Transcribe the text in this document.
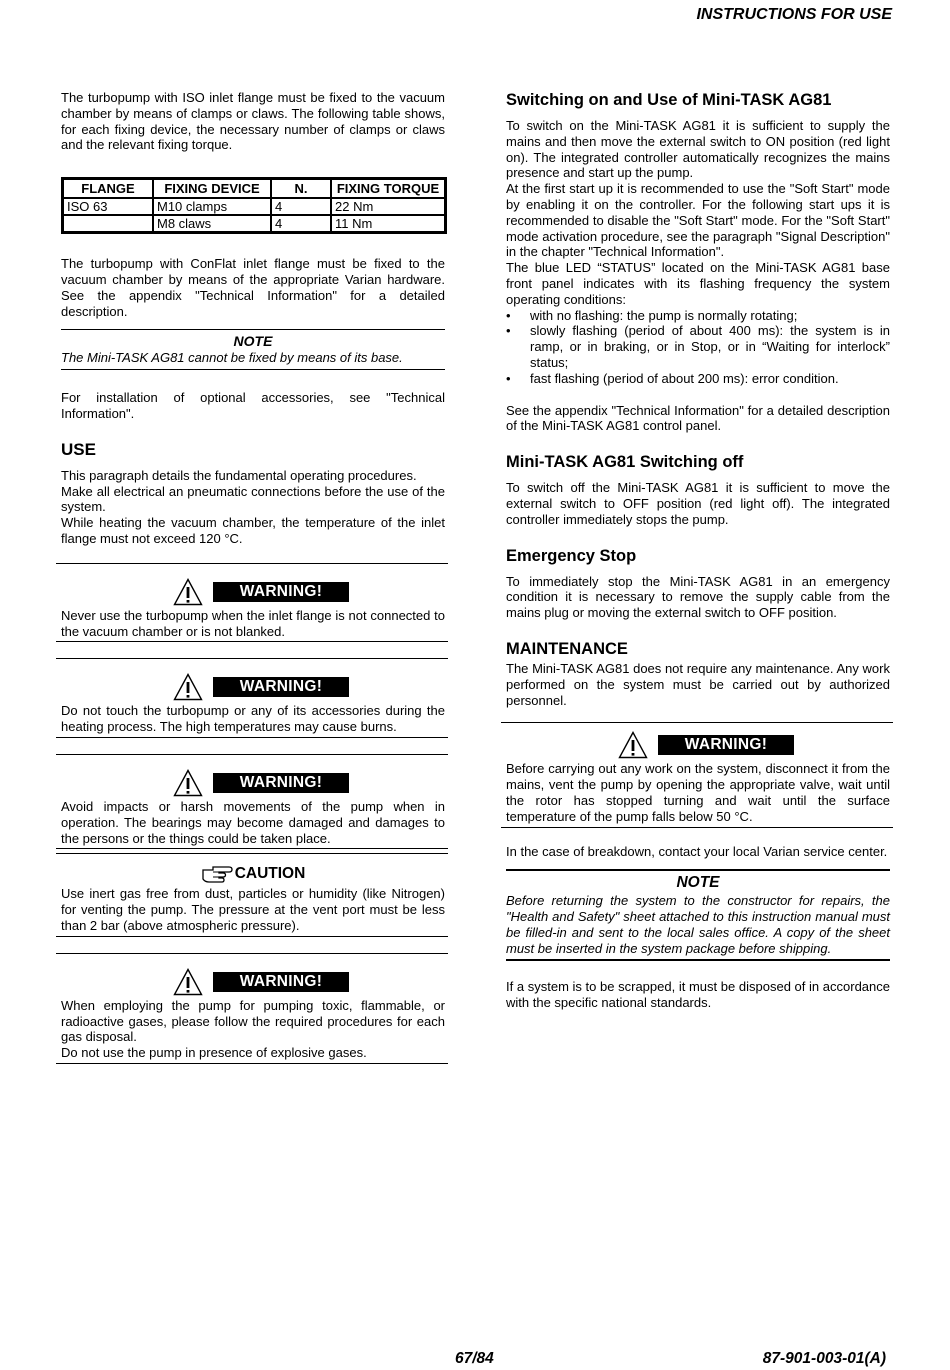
INSTRUCTIONS FOR USE

The turbopump with ISO inlet flange must be fixed to the vacuum chamber by means of clamps or claws. The following table shows, for each fixing device, the necessary number of clamps or claws and the relevant fixing torque.

FLANGE	FIXING DEVICE	N.	FIXING TORQUE
ISO 63	M10 clamps	4	22 Nm
	M8 claws	4	11 Nm

The turbopump with ConFlat inlet flange must be fixed to the vacuum chamber by means of the appropriate Varian hardware. See the appendix "Technical Information" for a detailed description.

NOTE
The Mini-TASK AG81 cannot be fixed by means of its base.

For installation of optional accessories, see "Technical Information".

USE

This paragraph details the fundamental operating procedures.

Make all electrical an pneumatic connections before the use of the system.

While heating the vacuum chamber, the temperature of the inlet flange must not exceed 120 °C.

WARNING!

Never use the turbopump when the inlet flange is not connected to the vacuum chamber or is not blanked.

WARNING!

Do not touch the turbopump or any of its accessories during the heating process. The high temperatures may cause burns.

WARNING!

Avoid impacts or harsh movements of the pump when in operation. The bearings may become damaged and damages to the persons or the things could be taken place.

CAUTION

Use inert gas free from dust, particles or humidity (like Nitrogen) for venting the pump. The pressure at the vent port must be less than 2 bar (above atmospheric pressure).

WARNING!

When employing the pump for pumping toxic, flammable, or radioactive gases, please follow the required procedures for each gas disposal.

Do not use the pump in presence of explosive gases.

Switching on and Use of Mini-TASK AG81

To switch on the Mini-TASK AG81 it is sufficient to supply the mains and then move the external switch to ON position (red light on). The integrated controller automatically recognizes the mains presence and start up the pump.

At the first start up it is recommended to use the "Soft Start" mode by enabling it on the controller. For the following start ups it is recommended to disable the "Soft Start" mode. For the "Soft Start" mode activation procedure, see the paragraph "Signal Description" in the chapter "Technical Information".

The blue LED “STATUS” located on the Mini-TASK AG81 base front panel indicates with its flashing frequency the system operating conditions:

• with no flashing: the pump is normally rotating;
• slowly flashing (period of about 400 ms): the system is in ramp, or in braking, or in Stop, or in “Waiting for interlock” status;
• fast flashing (period of about 200 ms): error condition.

See the appendix "Technical Information" for a detailed description of the Mini-TASK AG81 control panel.

Mini-TASK AG81 Switching off

To switch off the Mini-TASK AG81 it is sufficient to move the external switch to OFF position (red light off). The integrated controller immediately stops the pump.

Emergency Stop

To immediately stop the Mini-TASK AG81 in an emergency condition it is necessary to remove the supply cable from the mains plug or moving the external switch to OFF position.

MAINTENANCE

The Mini-TASK AG81 does not require any maintenance. Any work performed on the system must be carried out by authorized personnel.

WARNING!

Before carrying out any work on the system, disconnect it from the mains, vent the pump by opening the appropriate valve, wait until the rotor has stopped turning and wait until the surface temperature of the pump falls below 50 °C.

In the case of breakdown, contact your local Varian service center.

NOTE
Before returning the system to the constructor for repairs, the "Health and Safety" sheet attached to this instruction manual must be filled-in and sent to the local sales office. A copy of the sheet must be inserted in the system package before shipping.

If a system is to be scrapped, it must be disposed of in accordance with the specific national standards.

67/84	87-901-003-01(A)
